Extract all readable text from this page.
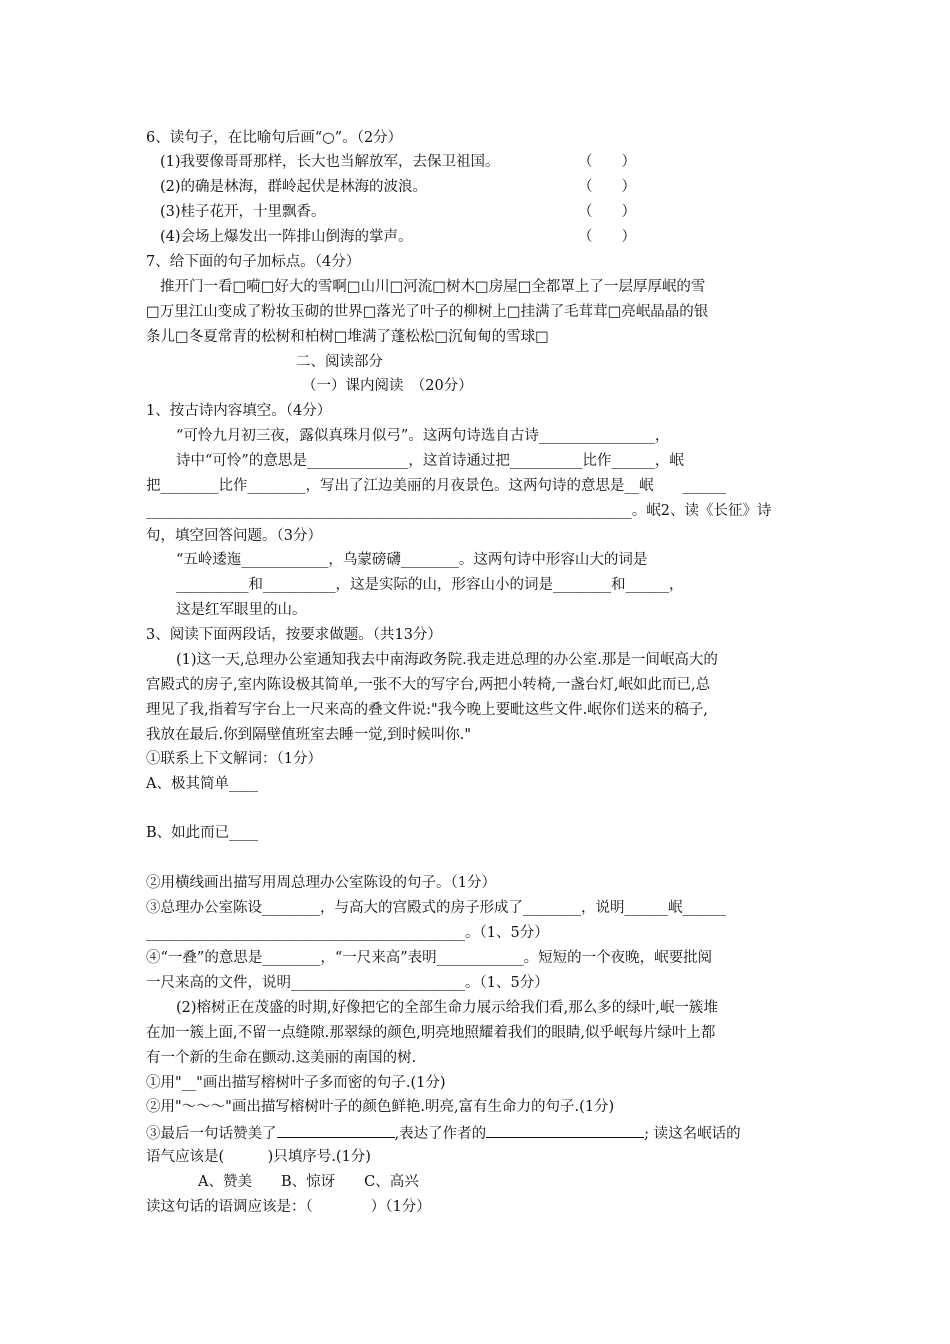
6、读句子，在比喻句后画“○”。（2分）
(1)我要像哥哥那样，长大也当解放军，去保卫祖国。	（　　）
(2)的确是林海，群岭起伏是林海的波浪。	（　　）
(3)桂子花开，十里飘香。	（　　）
(4)会场上爆发出一阵排山倒海的掌声。	（　　）
7、给下面的句子加标点。（4分）
推开门一看□嗬□好大的雪啊□山川□河流□树木□房屋□全都罩上了一层厚厚岷的雪
□万里江山变成了粉妆玉砌的世界□落光了叶子的柳树上□挂满了毛茸茸□亮岷晶晶的银
条儿□冬夏常青的松树和柏树□堆满了蓬松松□沉甸甸的雪球□
二、阅读部分
（一）课内阅读　（20分）
1、按古诗内容填空。（4分）
“可怜九月初三夜，露似真珠月似弓”。这两句诗选自古诗________________，
诗中“可怜”的意思是______________，这首诗通过把__________比作______，岷
把________比作________，写出了江边美丽的月夜景色。这两句诗的意思是__岷　　______
___________________________________________________________________。岷2、读《长征》诗
句，填空回答问题。（3分）
“五岭逶迤____________，乌蒙磅礴________。这两句诗中形容山大的词是
__________和__________，这是实际的山，形容山小的词是________和______，
这是红军眼里的山。
3、阅读下面两段话，按要求做题。（共13分）
(1)这一天,总理办公室通知我去中南海政务院.我走进总理的办公室.那是一间岷高大的
宫殿式的房子,室内陈设极其简单,一张不大的写字台,两把小转椅,一盏台灯,岷如此而已,总
理见了我,指着写字台上一尺来高的叠文件说:"我今晚上要毗这些文件.岷你们送来的稿子,
我放在最后.你到隔壁值班室去睡一觉,到时候叫你."
①联系上下文解词：（1分）
A、极其简单____
B、如此而已____
②用横线画出描写用周总理办公室陈设的句子。（1分）
③总理办公室陈设________，与高大的宫殿式的房子形成了________，说明______岷______
____________________________________________。（1、5分）
④“一叠”的意思是________，“一尺来高”表明____________。短短的一个夜晚，岷要批阅
一尺来高的文件，说明________________________。（1、5分）
(2)榕树正在茂盛的时期,好像把它的全部生命力展示给我们看,那么多的绿叶,岷一簇堆
在加一簇上面,不留一点缝隙.那翠绿的颜色,明亮地照耀着我们的眼睛,似乎岷每片绿叶上都
有一个新的生命在颤动.这美丽的南国的树.
①用"__"画出描写榕树叶子多而密的句子.(1分)
②用"～～～"画出描写榕树叶子的颜色鲜艳.明亮,富有生命力的句子.(1分)
③最后一句话赞美了	,表达了作者的	; 读这名岷话的
语气应该是(　　　)只填序号.(1分)
A、赞美　　B、惊讶　　C、高兴
读这句话的语调应该是：（　　　　）（1分）
